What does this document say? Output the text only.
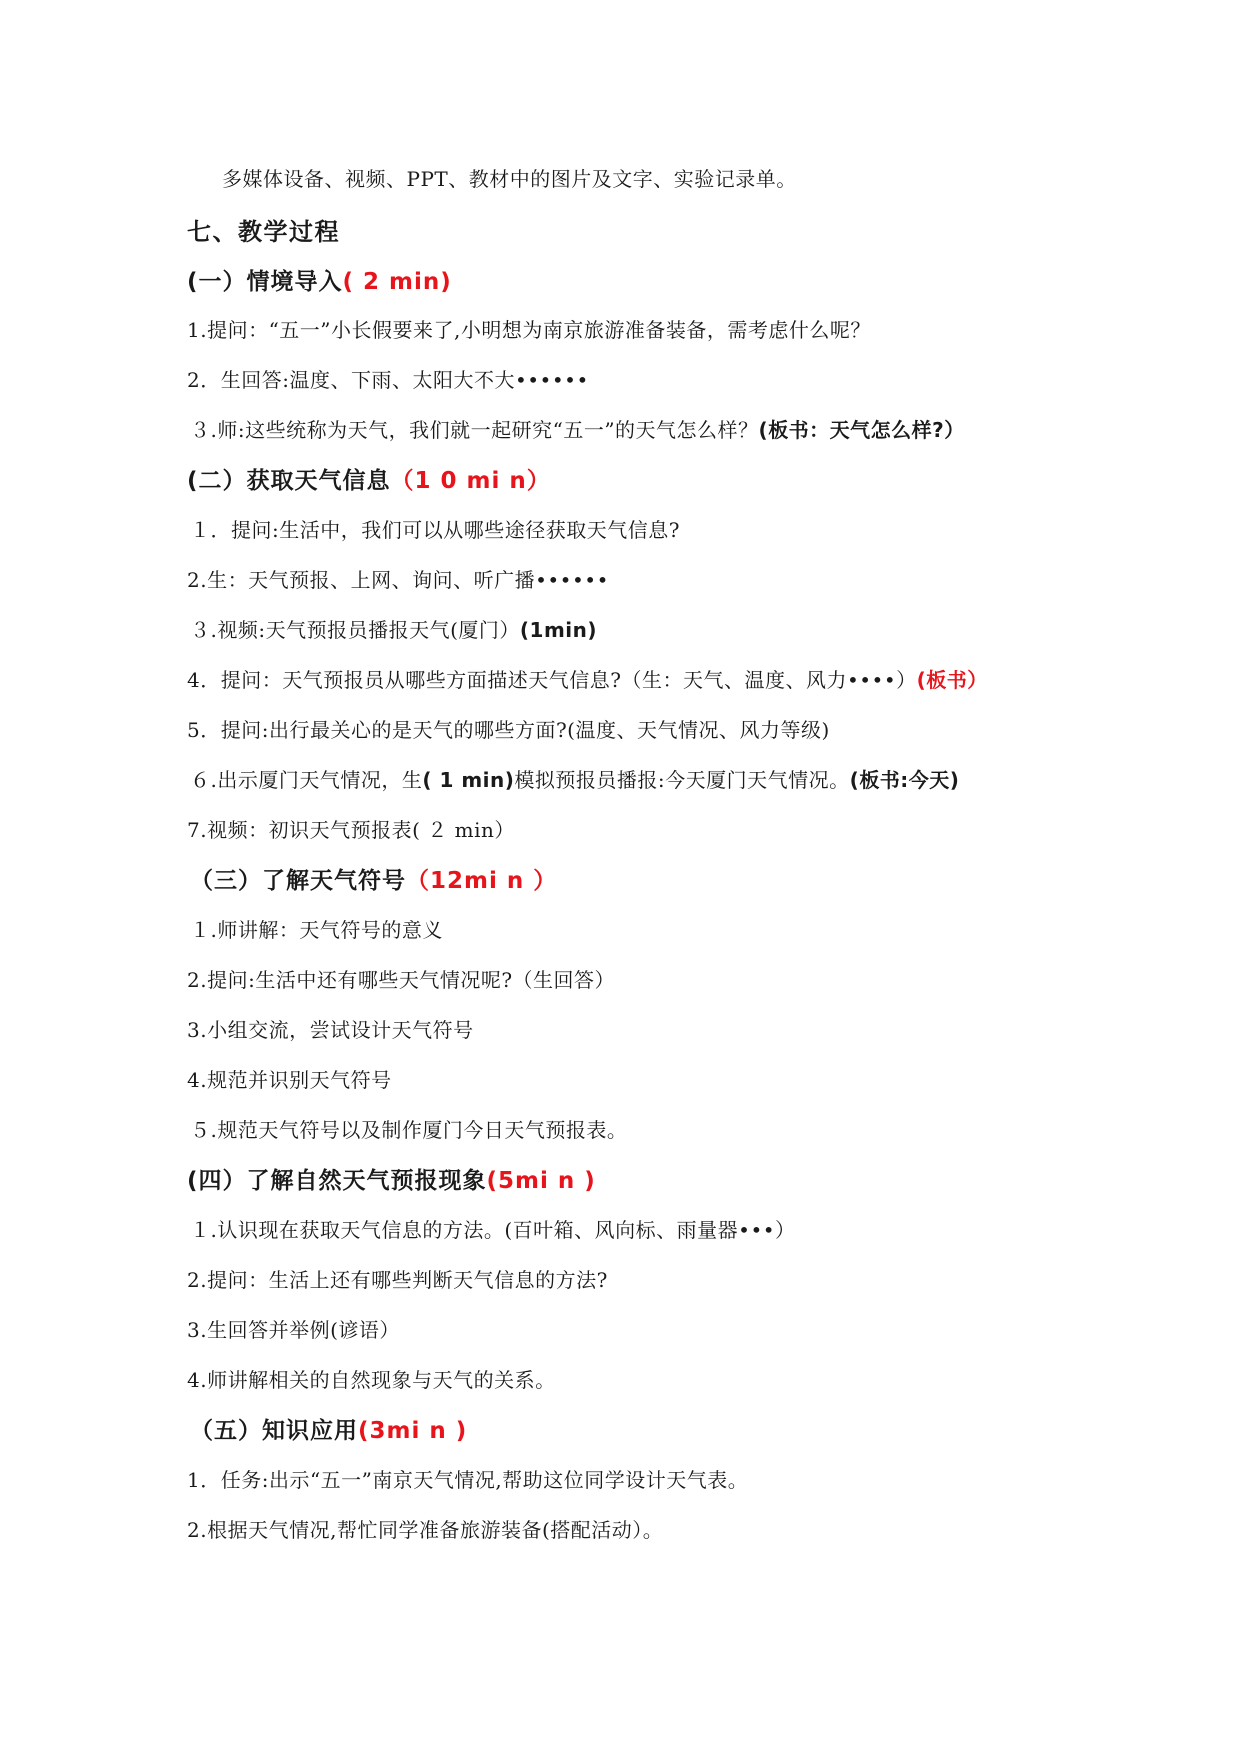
多媒体设备、视频、PPT、教材中的图片及文字、实验记录单。
七、教学过程
(一）情境导入( 2 min)
1.提问：“五一”小长假要来了,小明想为南京旅游准备装备，需考虑什么呢？
2．生回答:温度、下雨、太阳大不大••••••
３.师:这些统称为天气，我们就一起研究“五一”的天气怎么样？(板书：天气怎么样?）
(二）获取天气信息（1 0 mi n）
１．提问:生活中，我们可以从哪些途径获取天气信息?
2.生：天气预报、上网、询问、听广播••••••
３.视频:天气预报员播报天气(厦门）(1min)
4．提问：天气预报员从哪些方面描述天气信息?（生：天气、温度、风力••••）(板书）
5．提问:出行最关心的是天气的哪些方面?(温度、天气情况、风力等级)
６.出示厦门天气情况，生( 1 min)模拟预报员播报:今天厦门天气情况。(板书:今天)
7.视频：初识天气预报表( ２ min）
（三）了解天气符号（12mi n ）
１.师讲解：天气符号的意义
2.提问:生活中还有哪些天气情况呢?（生回答）
3.小组交流，尝试设计天气符号
4.规范并识别天气符号
５.规范天气符号以及制作厦门今日天气预报表。
(四）了解自然天气预报现象(5mi n )
１.认识现在获取天气信息的方法。(百叶箱、风向标、雨量器•••）
2.提问：生活上还有哪些判断天气信息的方法?
3.生回答并举例(谚语）
4.师讲解相关的自然现象与天气的关系。
（五）知识应用(3mi n )
1．任务:出示“五一”南京天气情况,帮助这位同学设计天气表。
2.根据天气情况,帮忙同学准备旅游装备(搭配活动）。
